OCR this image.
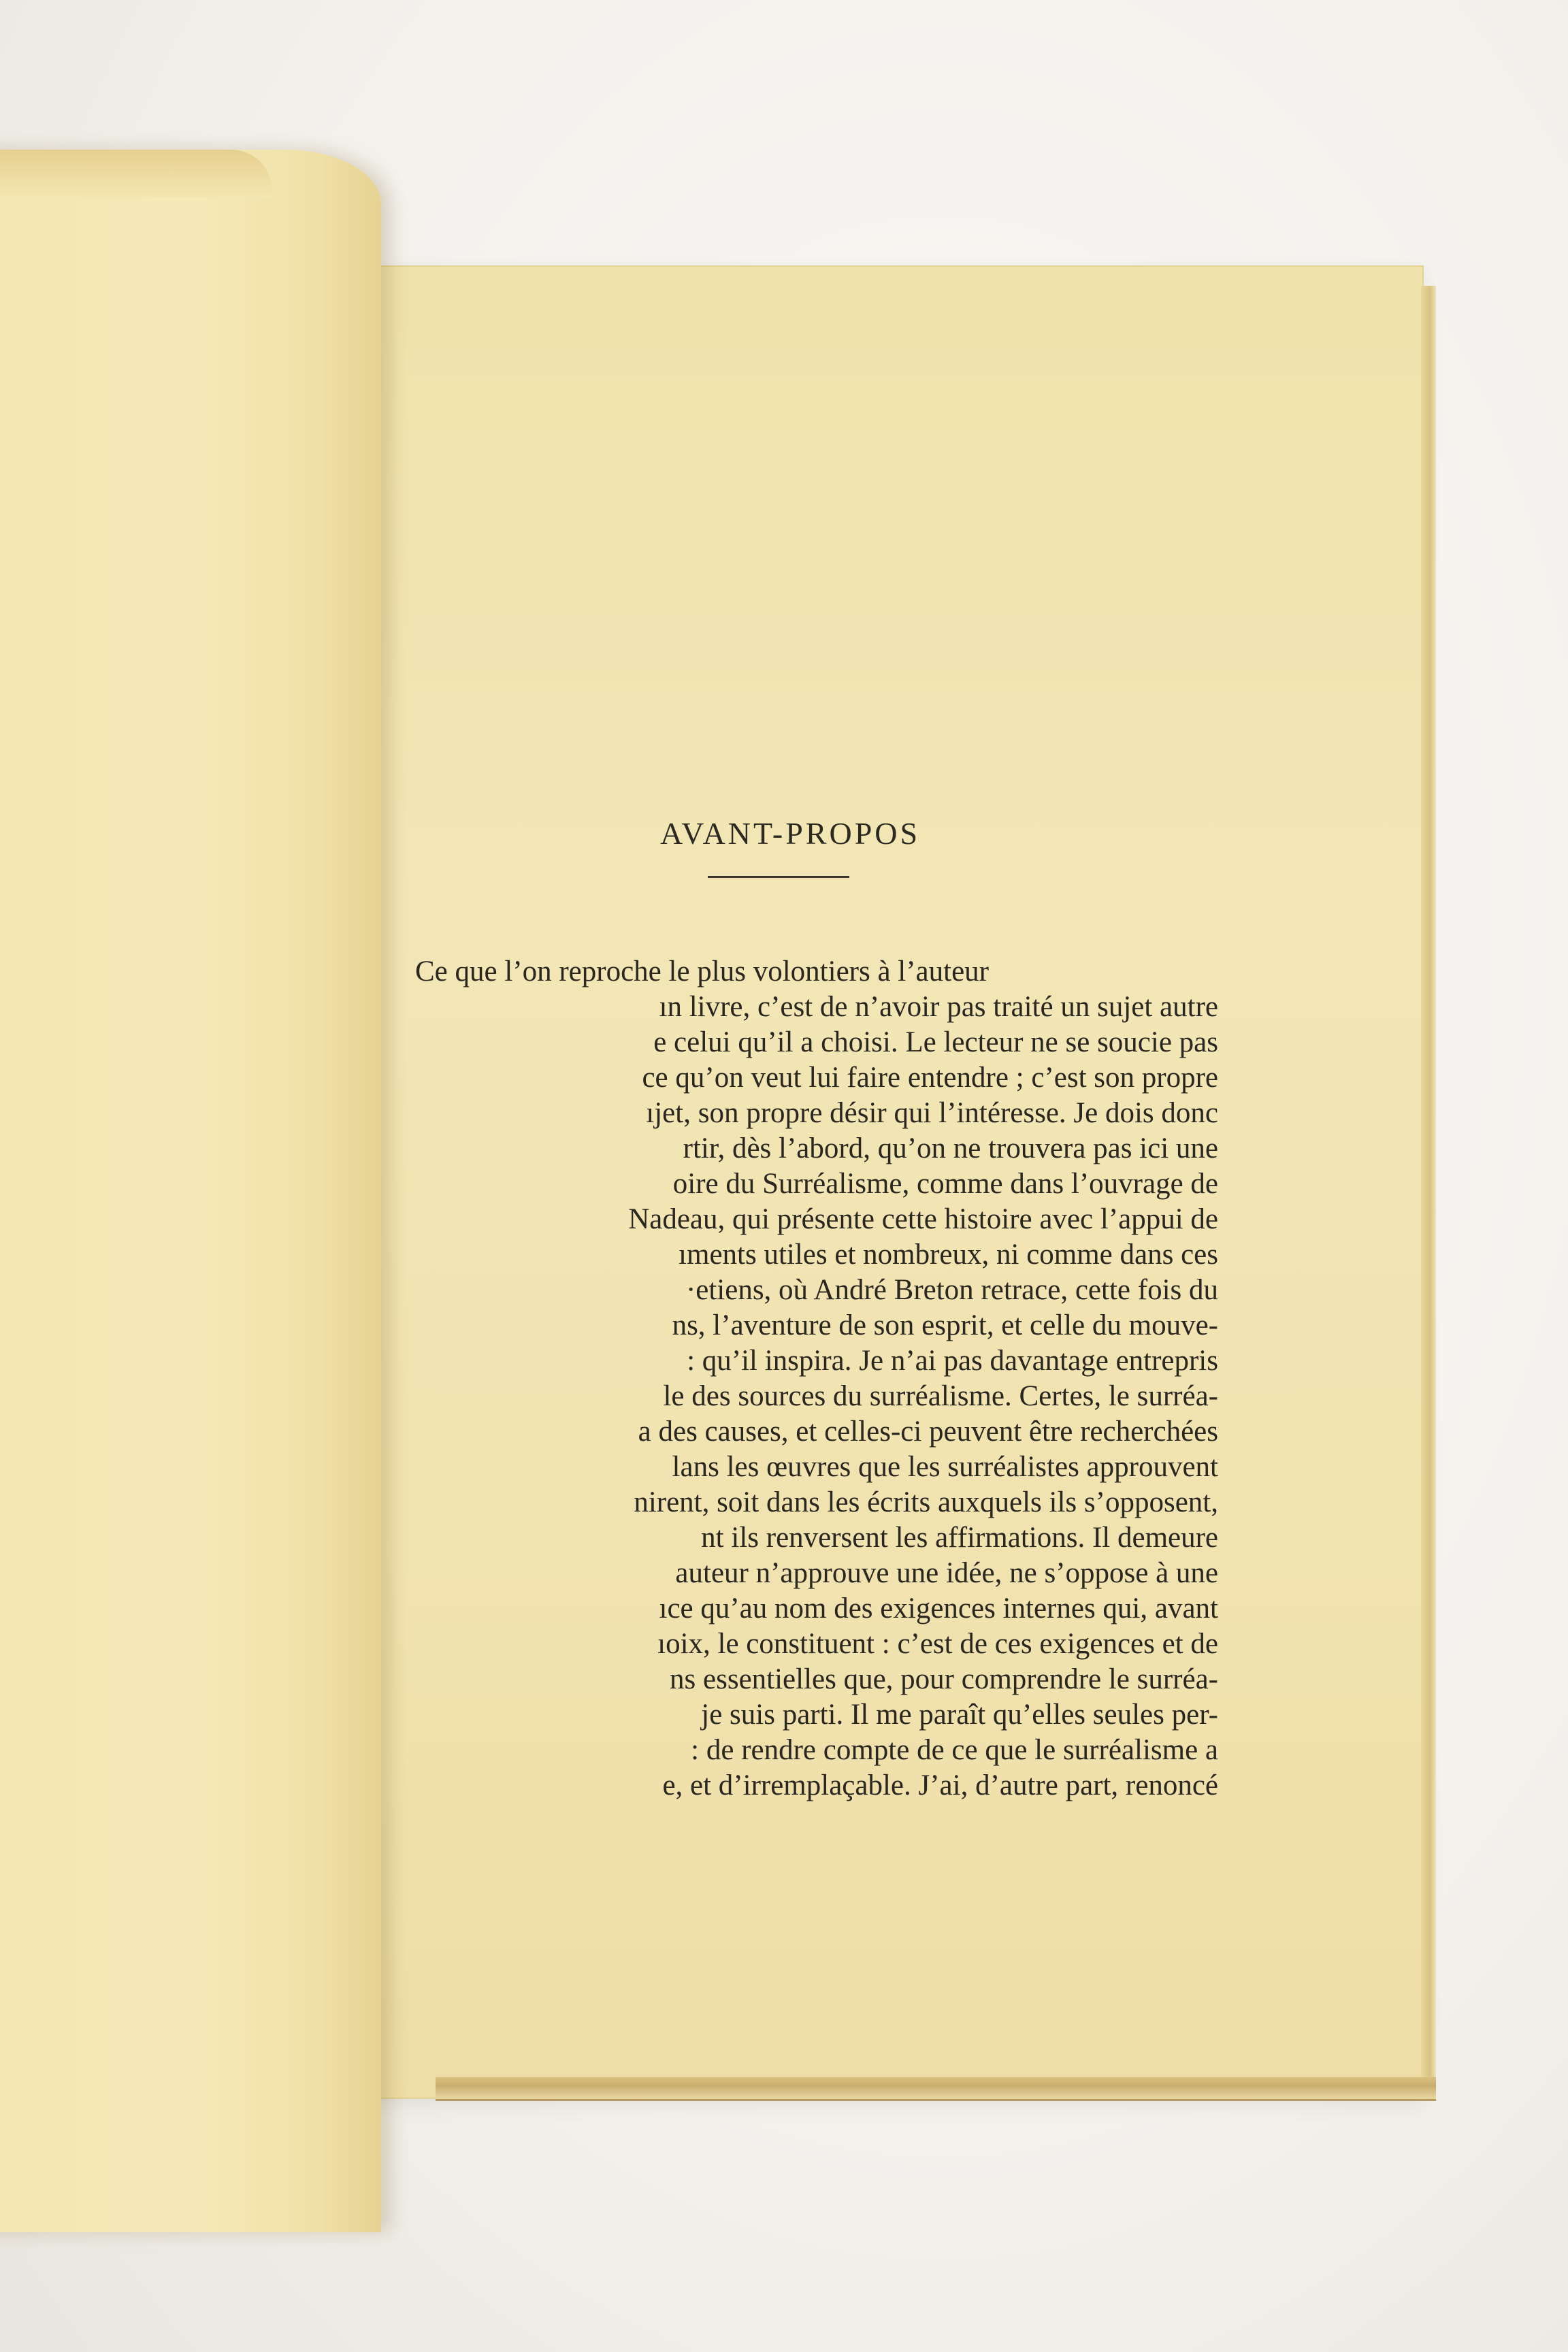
AVANT-PROPOS
Ce que l’on reproche le plus volontiers à l’auteur
ın livre, c’est de n’avoir pas traité un sujet autre
e celui qu’il a choisi. Le lecteur ne se soucie pas
ce qu’on veut lui faire entendre ; c’est son propre
ıjet, son propre désir qui l’intéresse. Je dois donc
rtir, dès l’abord, qu’on ne trouvera pas ici une
oire du Surréalisme, comme dans l’ouvrage de
Nadeau, qui présente cette histoire avec l’appui de
ıments utiles et nombreux, ni comme dans ces
·etiens, où André Breton retrace, cette fois du
ns, l’aventure de son esprit, et celle du mouve-
: qu’il inspira. Je n’ai pas davantage entrepris
le des sources du surréalisme. Certes, le surréa-
a des causes, et celles-ci peuvent être recherchées
lans les œuvres que les surréalistes approuvent
nirent, soit dans les écrits auxquels ils s’opposent,
nt ils renversent les affirmations. Il demeure
auteur n’approuve une idée, ne s’oppose à une
ıce qu’au nom des exigences internes qui, avant
ıoix, le constituent : c’est de ces exigences et de
ns essentielles que, pour comprendre le surréa-
je suis parti. Il me paraît qu’elles seules per-
: de rendre compte de ce que le surréalisme a
e, et d’irremplaçable. J’ai, d’autre part, renoncé
